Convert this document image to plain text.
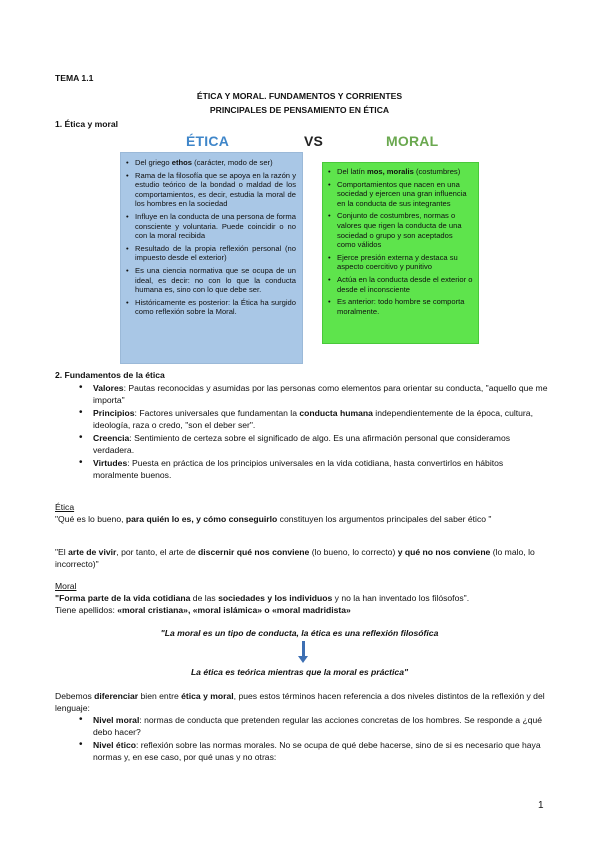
TEMA 1.1
ÉTICA Y MORAL. FUNDAMENTOS Y CORRIENTES
PRINCIPALES DE PENSAMIENTO EN ÉTICA
1. Ética y moral
ÉTICA	VS	MORAL
• Del griego ethos (carácter, modo de ser)
• Rama de la filosofía que se apoya en la razón y estudio teórico de la bondad o maldad de los comportamientos, es decir, estudia la moral de los hombres en la sociedad
• Influye en la conducta de una persona de forma consciente y voluntaria. Puede coincidir o no con la moral recibida
• Resultado de la propia reflexión personal (no impuesto desde el exterior)
• Es una ciencia normativa que se ocupa de un ideal, es decir: no con lo que la conducta humana es, sino con lo que debe ser.
• Históricamente es posterior: la Ética ha surgido como reflexión sobre la Moral.
• Del latín mos, moralis (costumbres)
• Comportamientos que nacen en una sociedad y ejercen una gran influencia en la conducta de sus integrantes
• Conjunto de costumbres, normas o valores que rigen la conducta de una sociedad o grupo y son aceptados como válidos
• Ejerce presión externa y destaca su aspecto coercitivo y punitivo
• Actúa en la conducta desde el exterior o desde el inconsciente
• Es anterior: todo hombre se comporta moralmente.
2. Fundamentos de la ética
• Valores: Pautas reconocidas y asumidas por las personas como elementos para orientar su conducta, "aquello que me importa"
• Principios: Factores universales que fundamentan la conducta humana independientemente de la época, cultura, ideología, raza o credo, "son el deber ser".
• Creencia: Sentimiento de certeza sobre el significado de algo. Es una afirmación personal que consideramos verdadera.
• Virtudes: Puesta en práctica de los principios universales en la vida cotidiana, hasta convertirlos en hábitos moralmente buenos.
Ética
"Qué es lo bueno, para quién lo es, y cómo conseguirlo constituyen los argumentos principales del saber ético "
"El arte de vivir, por tanto, el arte de discernir qué nos conviene (lo bueno, lo correcto) y qué no nos conviene (lo malo, lo incorrecto)"
Moral
"Forma parte de la vida cotidiana de las sociedades y los individuos y no la han inventado los filósofos".
Tiene apellidos: «moral cristiana», «moral islámica» o «moral madridista»
"La moral es un tipo de conducta, la ética es una reflexión filosófica
La ética es teórica mientras que la moral es práctica"
Debemos diferenciar bien entre ética y moral, pues estos términos hacen referencia a dos niveles distintos de la reflexión y del lenguaje:
• Nivel moral: normas de conducta que pretenden regular las acciones concretas de los hombres. Se responde a ¿qué debo hacer?
• Nivel ético: reflexión sobre las normas morales. No se ocupa de qué debe hacerse, sino de si es necesario que haya normas y, en ese caso, por qué unas y no otras:
1
